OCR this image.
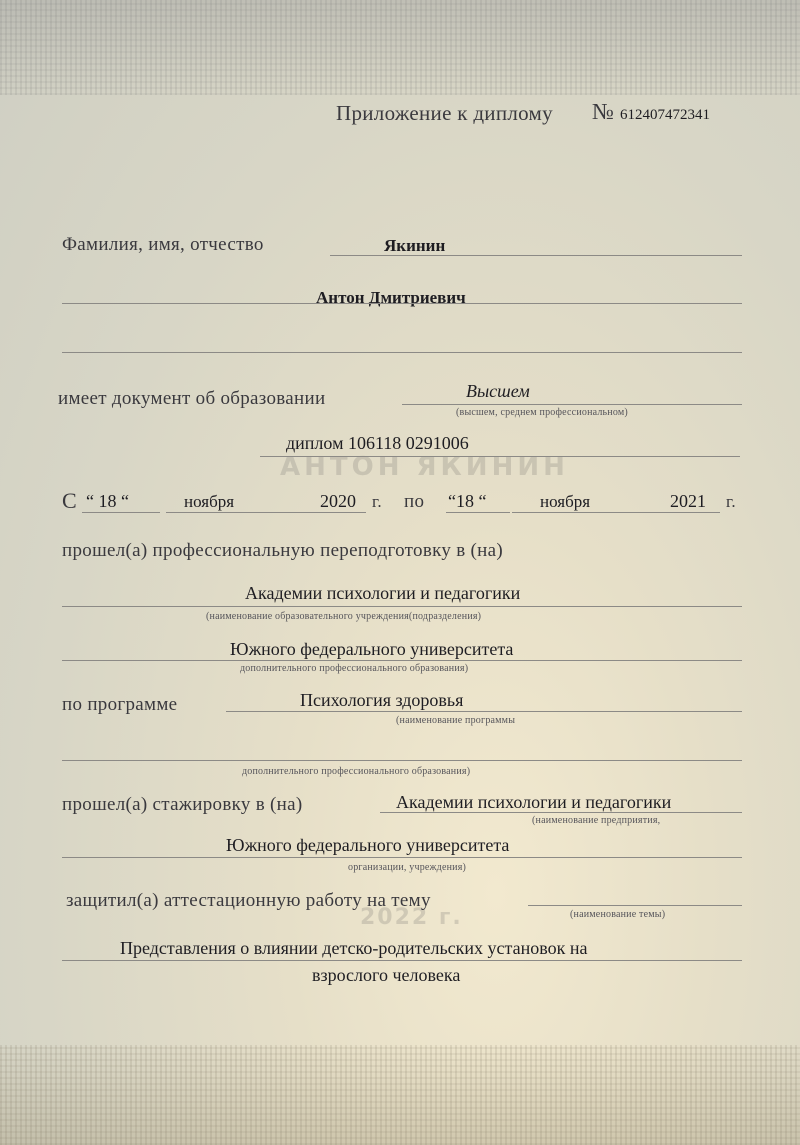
АНТОН ЯКИНИН
2022 г.
Приложение к диплому № 612407472341
Фамилия, имя, отчество	Якинин
Антон Дмитриевич
имеет документ об образовании	Высшем
(высшем, среднем профессиональном)
диплом 106118 0291006
С “ 18 “	ноября	2020 г. по “18 “	ноября	2021 г.
прошел(а) профессиональную переподготовку в (на)
Академии психологии и педагогики
(наименование образовательного учреждения(подразделения)
Южного федерального университета
дополнительного профессионального образования)
по программе	Психология здоровья
(наименование программы
дополнительного профессионального образования)
прошел(а) стажировку в (на)	Академии психологии и педагогики
(наименование предприятия,
Южного федерального университета
организации, учреждения)
защитил(а) аттестационную работу на тему
(наименование темы)
Представления о влиянии детско-родительских установок на
взрослого человека
